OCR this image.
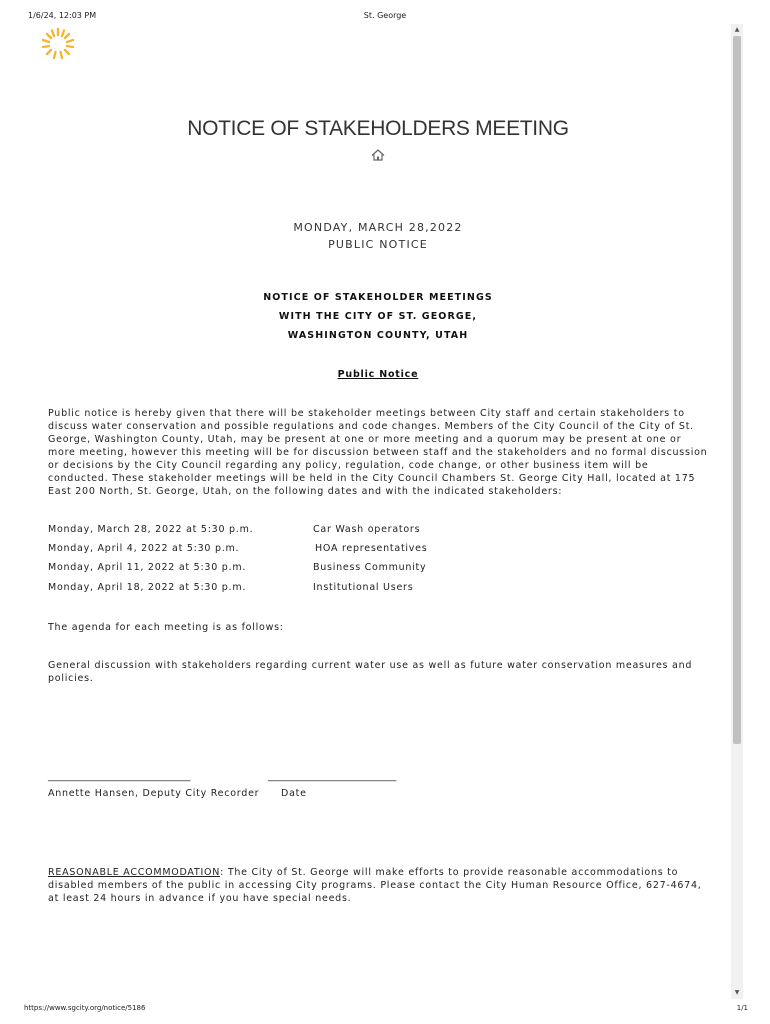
1/6/24, 12:03 PM	St. George
▲
▼
NOTICE OF STAKEHOLDERS MEETING
MONDAY, MARCH 28,2022
PUBLIC NOTICE
NOTICE OF STAKEHOLDER MEETINGS
WITH THE CITY OF ST. GEORGE,
WASHINGTON COUNTY, UTAH
Public Notice

Public notice is hereby given that there will be stakeholder meetings between City staff and certain stakeholders to discuss water conservation and possible regulations and code changes. Members of the City Council of the City of St. George, Washington County, Utah, may be present at one or more meeting and a quorum may be present at one or more meeting, however this meeting will be for discussion between staff and the stakeholders and no formal discussion or decisions by the City Council regarding any policy, regulation, code change, or other business item will be conducted. These stakeholder meetings will be held in the City Council Chambers St. George City Hall, located at 175 East 200 North, St. George, Utah, on the following dates and with the indicated stakeholders:

Monday, March 28, 2022 at 5:30 p.m.	Car Wash operators
Monday, April 4, 2022 at 5:30 p.m.	HOA representatives
Monday, April 11, 2022 at 5:30 p.m.	Business Community
Monday, April 18, 2022 at 5:30 p.m.	Institutional Users

The agenda for each meeting is as follows:

General discussion with stakeholders regarding current water use as well as future water conservation measures and policies.

______________________________	___________________________
Annette Hansen, Deputy City Recorder Date

REASONABLE ACCOMMODATION: The City of St. George will make efforts to provide reasonable accommodations to disabled members of the public in accessing City programs. Please contact the City Human Resource Office, 627-4674, at least 24 hours in advance if you have special needs.

https://www.sgcity.org/notice/5186	1/1
